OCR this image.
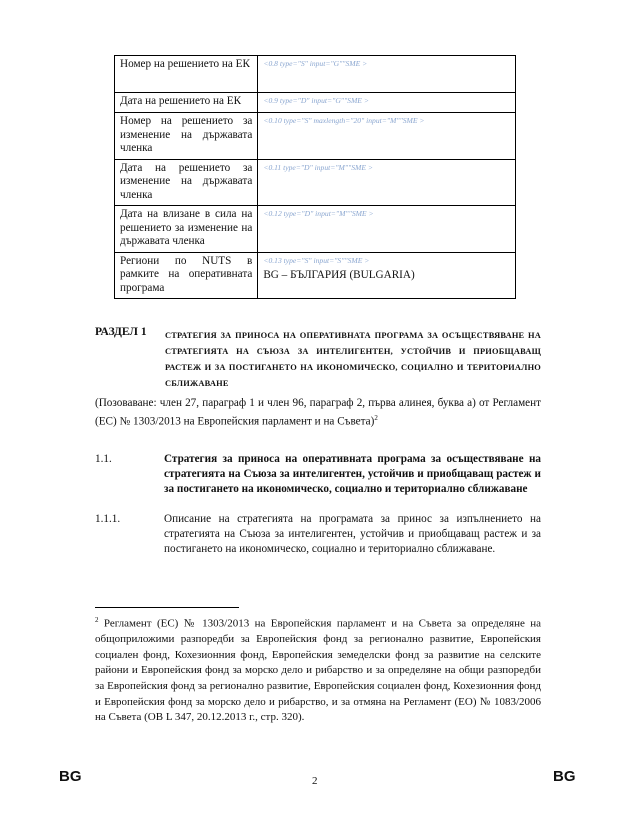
Номер на решението на ЕК	<0.8 type="S" input="G""SME >

Дата на решението на ЕК	<0.9 type="D" input="G""SME >

Номер на решението за изменение на държавата членка	<0.10 type="S" maxlength="20" input="M""SME >

Дата на решението за изменение на държавата членка	<0.11 type="D" input="M""SME >

Дата на влизане в сила на решението за изменение на държавата членка	<0.12 type="D" input="M""SME >

Региони по NUTS в рамките на оперативната програма	<0.13 type="S" input="S""SME >
BG – БЪЛГАРИЯ (BULGARIA)
РАЗДЕЛ 1 СТРАТЕГИЯ ЗА ПРИНОСА НА ОПЕРАТИВНАТА ПРОГРАМА ЗА ОСЪЩЕСТВЯВАНЕ НА СТРАТЕГИЯТА НА СЪЮЗА ЗА ИНТЕЛИГЕНТЕН, УСТОЙЧИВ И ПРИОБЩАВАЩ РАСТЕЖ И ЗА ПОСТИГАНЕТО НА ИКОНОМИЧЕСКО, СОЦИАЛНО И ТЕРИТОРИАЛНО СБЛИЖАВАНЕ
(Позоваване: член 27, параграф 1 и член 96, параграф 2, първа алинея, буква а) от Регламент (ЕС) № 1303/2013 на Европейския парламент и на Съвета)$^2$
1.1.	Стратегия за приноса на оперативната програма за осъществяване на стратегията на Съюза за интелигентен, устойчив и приобщаващ растеж и за постигането на икономическо, социално и териториално сближаване
1.1.1.	Описание на стратегията на програмата за принос за изпълнението на стратегията на Съюза за интелигентен, устойчив и приобщаващ растеж и за постигането на икономическо, социално и териториално сближаване.
$^2$ Регламент (ЕС) № 1303/2013 на Европейския парламент и на Съвета за определяне на общоприложими разпоредби за Европейския фонд за регионално развитие, Европейския социален фонд, Кохезионния фонд, Европейския земеделски фонд за развитие на селските райони и Европейския фонд за морско дело и рибарство и за определяне на общи разпоредби за Европейския фонд за регионално развитие, Европейския социален фонд, Кохезионния фонд и Европейския фонд за морско дело и рибарство, и за отмяна на Регламент (ЕО) № 1083/2006 на Съвета (ОВ L 347, 20.12.2013 г., стр. 320).
BG	2	BG
